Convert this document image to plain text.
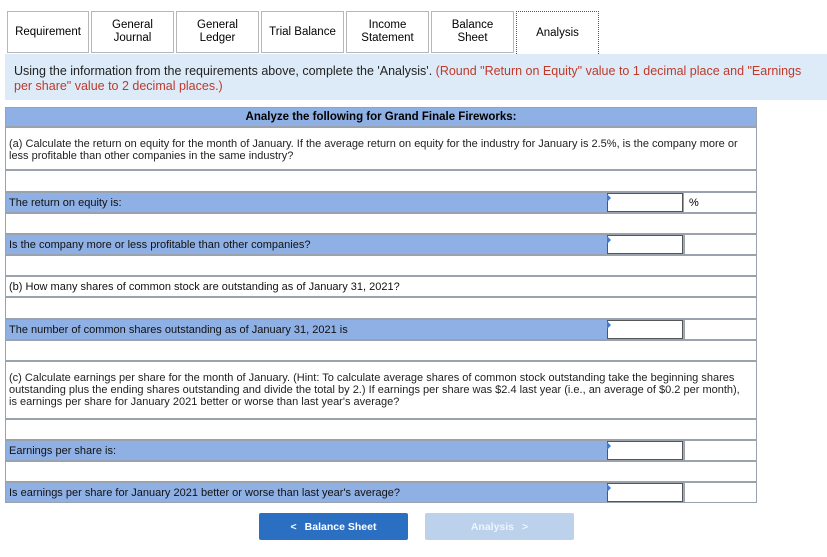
Requirement
General
Journal
General
Ledger
Trial Balance
Income
Statement
Balance Sheet	Analysis
Using the information from the requirements above, complete the 'Analysis'. (Round "Return on Equity" value to 1 decimal place and "Earnings per share" value to 2 decimal places.)
Analyze the following for Grand Finale Fireworks:
(a) Calculate the return on equity for the month of January. If the average return on equity for the industry for January is 2.5%, is the company more or less profitable than other companies in the same industry?
The return on equity is:	%
Is the company more or less profitable than other companies?
(b) How many shares of common stock are outstanding as of January 31, 2021?
The number of common shares outstanding as of January 31, 2021 is
(c) Calculate earnings per share for the month of January. (Hint: To calculate average shares of common stock outstanding take the beginning shares outstanding plus the ending shares outstanding and divide the total by 2.) If earnings per share was $2.4 last year (i.e., an average of $0.2 per month), is earnings per share for January 2021 better or worse than last year's average?
Earnings per share is:
Is earnings per share for January 2021 better or worse than last year's average?
< Balance Sheet	Analysis >
